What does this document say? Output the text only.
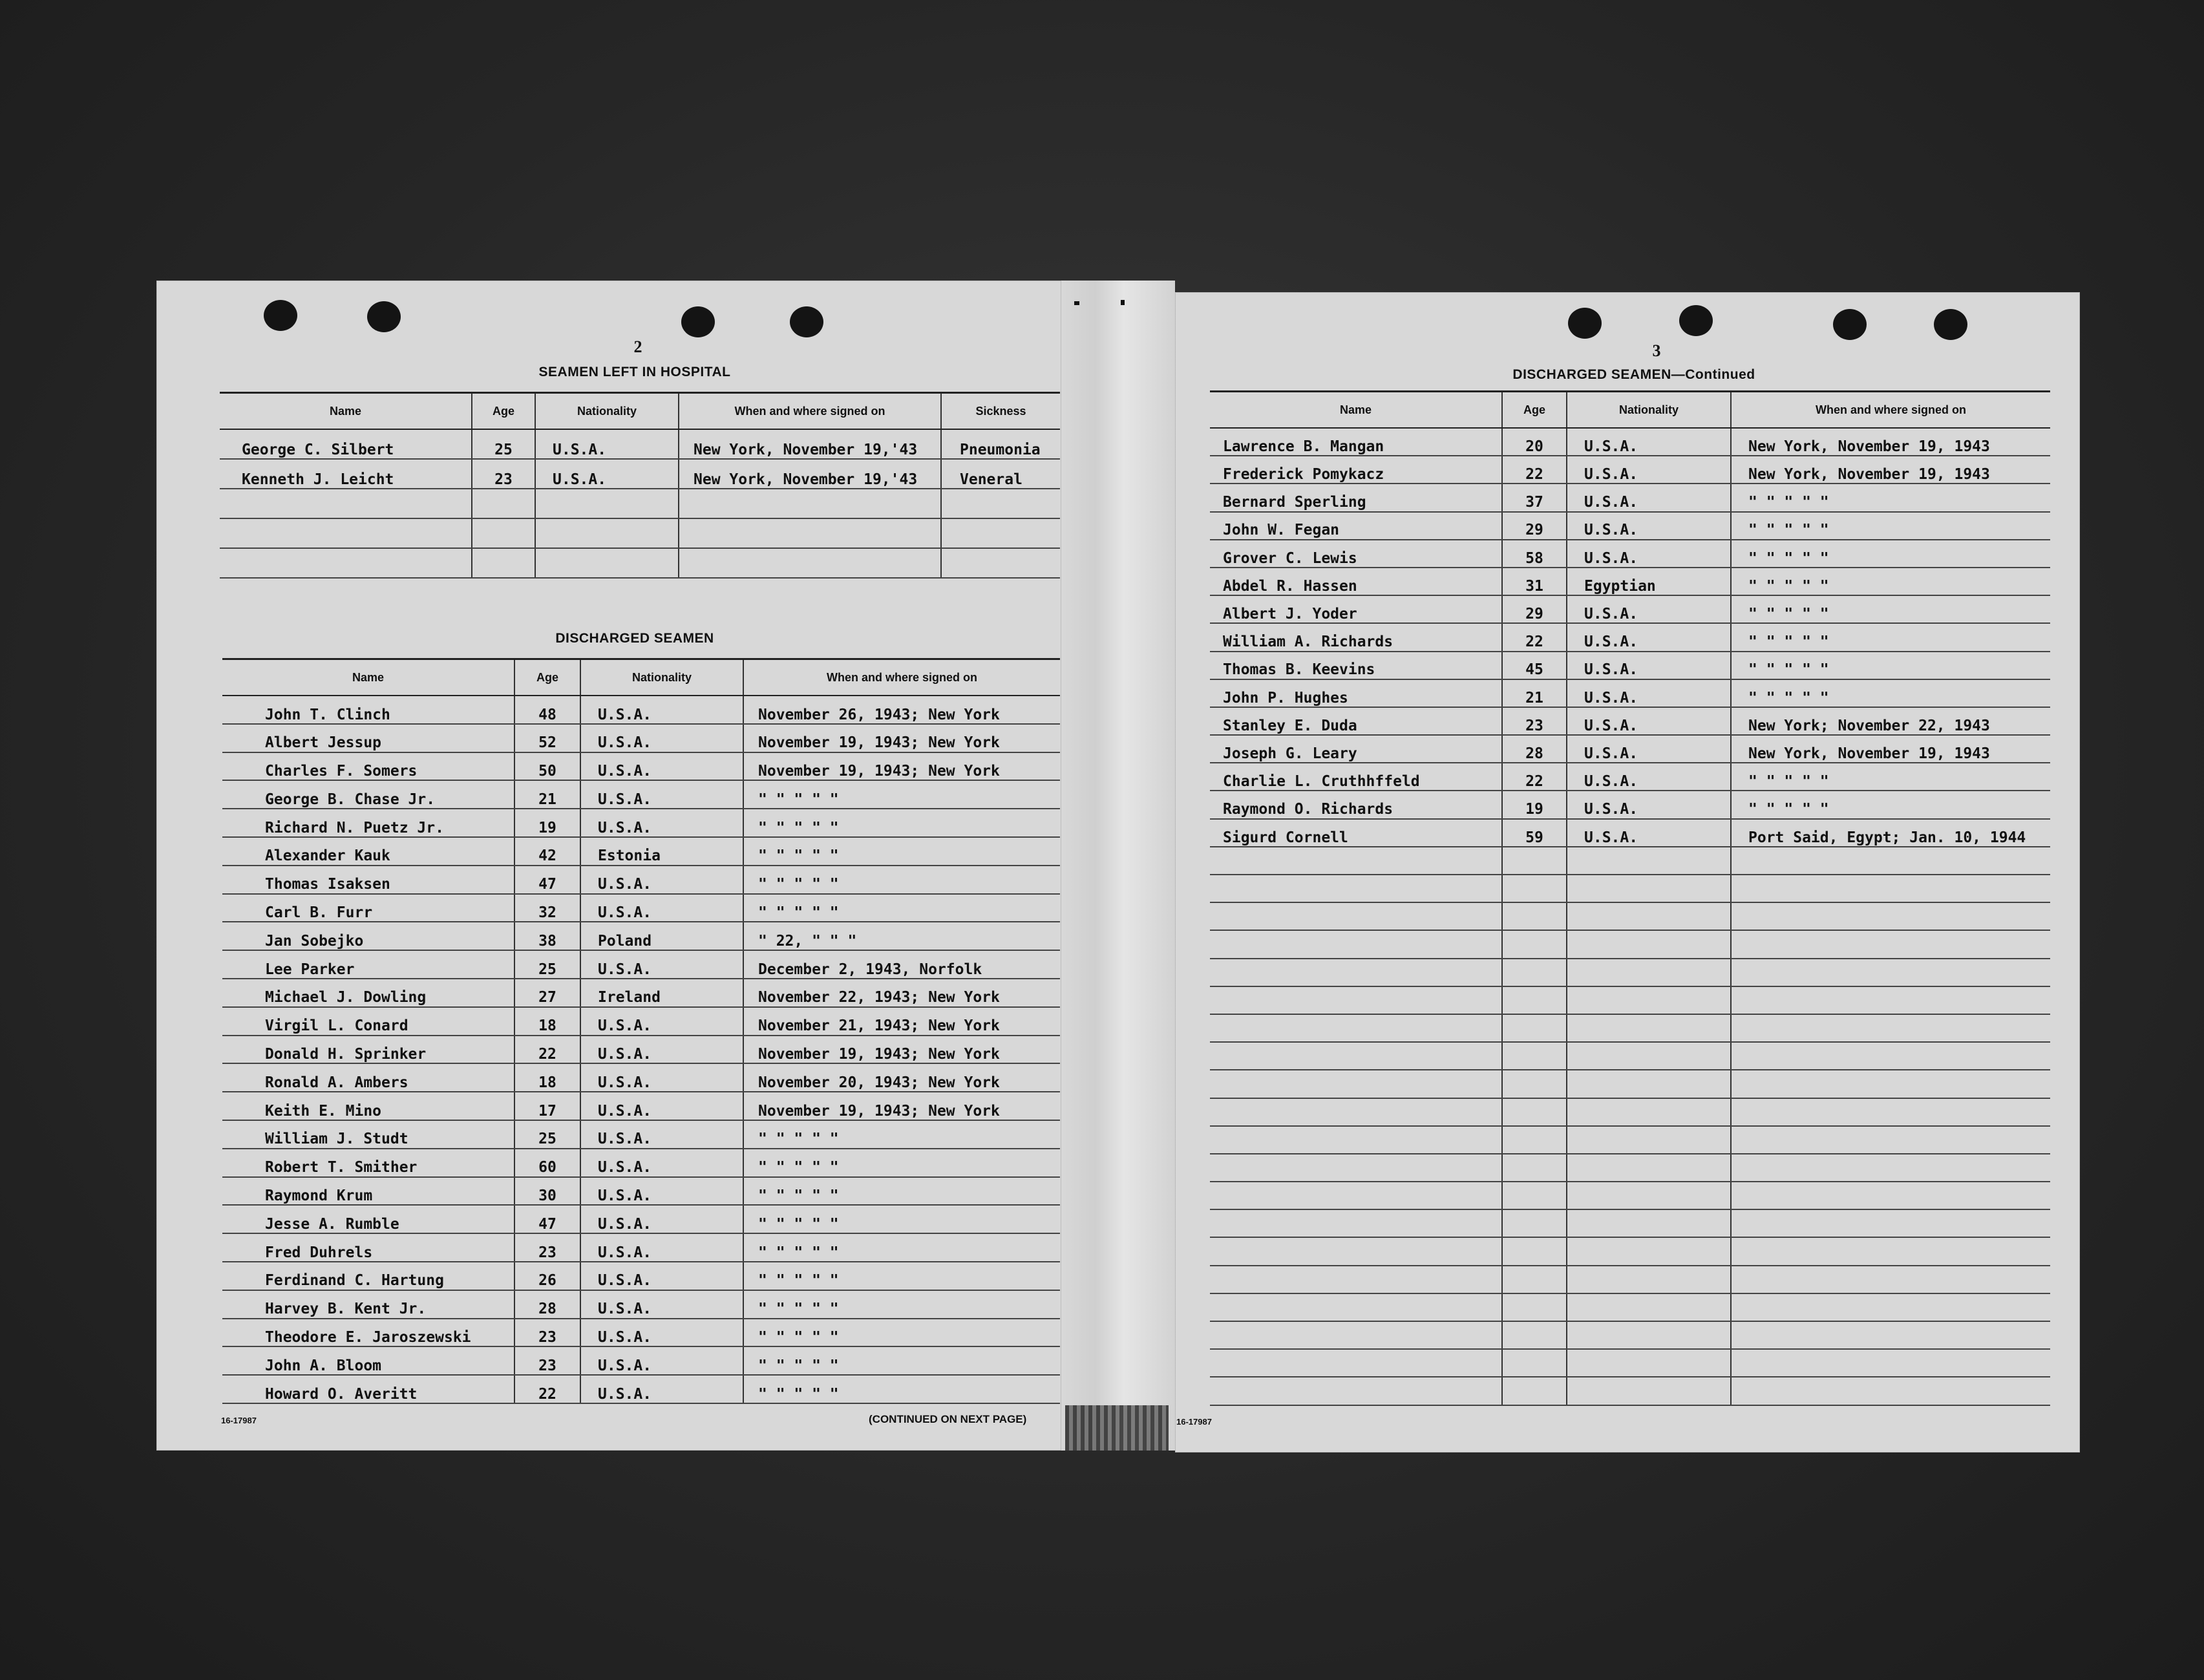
2
SEAMEN LEFT IN HOSPITAL
Name	Age	Nationality	When and where signed on	Sickness
George C. Silbert	25	U.S.A.	New York, November 19,'43	Pneumonia
Kenneth J. Leicht	23	U.S.A.	New York, November 19,'43	Veneral

DISCHARGED SEAMEN
Name	Age	Nationality	When and where signed on
John T. Clinch	48	U.S.A.	November 26, 1943; New York
Albert Jessup	52	U.S.A.	November 19, 1943; New York
Charles F. Somers	50	U.S.A.	November 19, 1943; New York
George B. Chase Jr.	21	U.S.A.	" " " " "
Richard N. Puetz Jr.	19	U.S.A.	" " " " "
Alexander Kauk	42	Estonia	" " " " "
Thomas Isaksen	47	U.S.A.	" " " " "
Carl B. Furr	32	U.S.A.	" " " " "
Jan Sobejko	38	Poland	" 22, " " "
Lee Parker	25	U.S.A.	December 2, 1943, Norfolk
Michael J. Dowling	27	Ireland	November 22, 1943; New York
Virgil L. Conard	18	U.S.A.	November 21, 1943; New York
Donald H. Sprinker	22	U.S.A.	November 19, 1943; New York
Ronald A. Ambers	18	U.S.A.	November 20, 1943; New York
Keith E. Mino	17	U.S.A.	November 19, 1943; New York
William J. Studt	25	U.S.A.	" " " " "
Robert T. Smither	60	U.S.A.	" " " " "
Raymond Krum	30	U.S.A.	" " " " "
Jesse A. Rumble	47	U.S.A.	" " " " "
Fred Duhrels	23	U.S.A.	" " " " "
Ferdinand C. Hartung	26	U.S.A.	" " " " "
Harvey B. Kent Jr.	28	U.S.A.	" " " " "
Theodore E. Jaroszewski	23	U.S.A.	" " " " "
John A. Bloom	23	U.S.A.	" " " " "
Howard O. Averitt	22	U.S.A.	" " " " "
16-17987	(CONTINUED ON NEXT PAGE)
3
DISCHARGED SEAMEN—Continued
Name	Age	Nationality	When and where signed on
Lawrence B. Mangan	20	U.S.A.	New York, November 19, 1943
Frederick Pomykacz	22	U.S.A.	New York, November 19, 1943
Bernard Sperling	37	U.S.A.	" " " " "
John W. Fegan	29	U.S.A.	" " " " "
Grover C. Lewis	58	U.S.A.	" " " " "
Abdel R. Hassen	31	Egyptian	" " " " "
Albert J. Yoder	29	U.S.A.	" " " " "
William A. Richards	22	U.S.A.	" " " " "
Thomas B. Keevins	45	U.S.A.	" " " " "
John P. Hughes	21	U.S.A.	" " " " "
Stanley E. Duda	23	U.S.A.	New York; November 22, 1943
Joseph G. Leary	28	U.S.A.	New York, November 19, 1943
Charlie L. Cruthhffeld	22	U.S.A.	" " " " "
Raymond O. Richards	19	U.S.A.	" " " " "
Sigurd Cornell	59	U.S.A.	Port Said, Egypt; Jan. 10, 1944

16-17987
